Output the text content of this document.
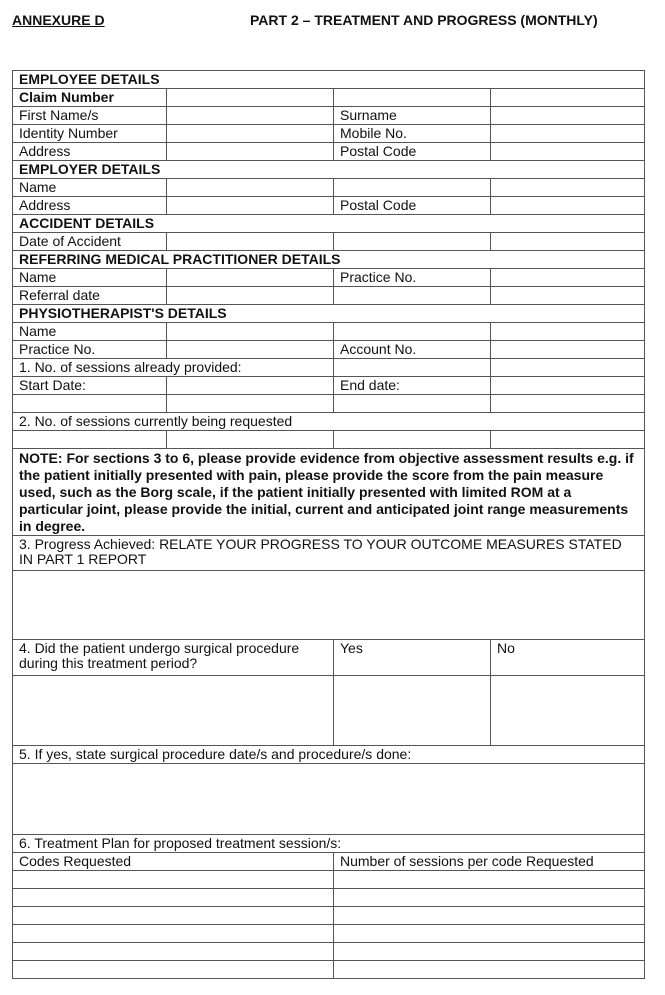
ANNEXURE D	PART 2 – TREATMENT AND PROGRESS (MONTHLY)
EMPLOYEE DETAILS			
Claim Number			
First Name/s		Surname	
Identity Number		Mobile No.	
Address		Postal Code	
EMPLOYER DETAILS			
Name			
Address		Postal Code	
ACCIDENT DETAILS			
Date of Accident			
REFERRING MEDICAL PRACTITIONER DETAILS			
Name		Practice No.	
Referral date			
PHYSIOTHERAPIST'S DETAILS			
Name			
Practice No.		Account No.	
1. No. of sessions already provided:			
Start Date:		End date:	

2. No. of sessions currently being requested			

NOTE: For sections 3 to 6, please provide evidence from objective assessment results e.g. if the patient initially presented with pain, please provide the score from the pain measure used, such as the Borg scale, if the patient initially presented with limited ROM at a particular joint, please provide the initial, current and anticipated joint range measurements in degree.			
3. Progress Achieved: RELATE YOUR PROGRESS TO YOUR OUTCOME MEASURES STATED IN PART 1 REPORT			

4. Did the patient undergo surgical procedure during this treatment period?		Yes	No

5. If yes, state surgical procedure date/s and procedure/s done:			

6. Treatment Plan for proposed treatment session/s:			
Codes Requested		Number of sessions per code Requested	
